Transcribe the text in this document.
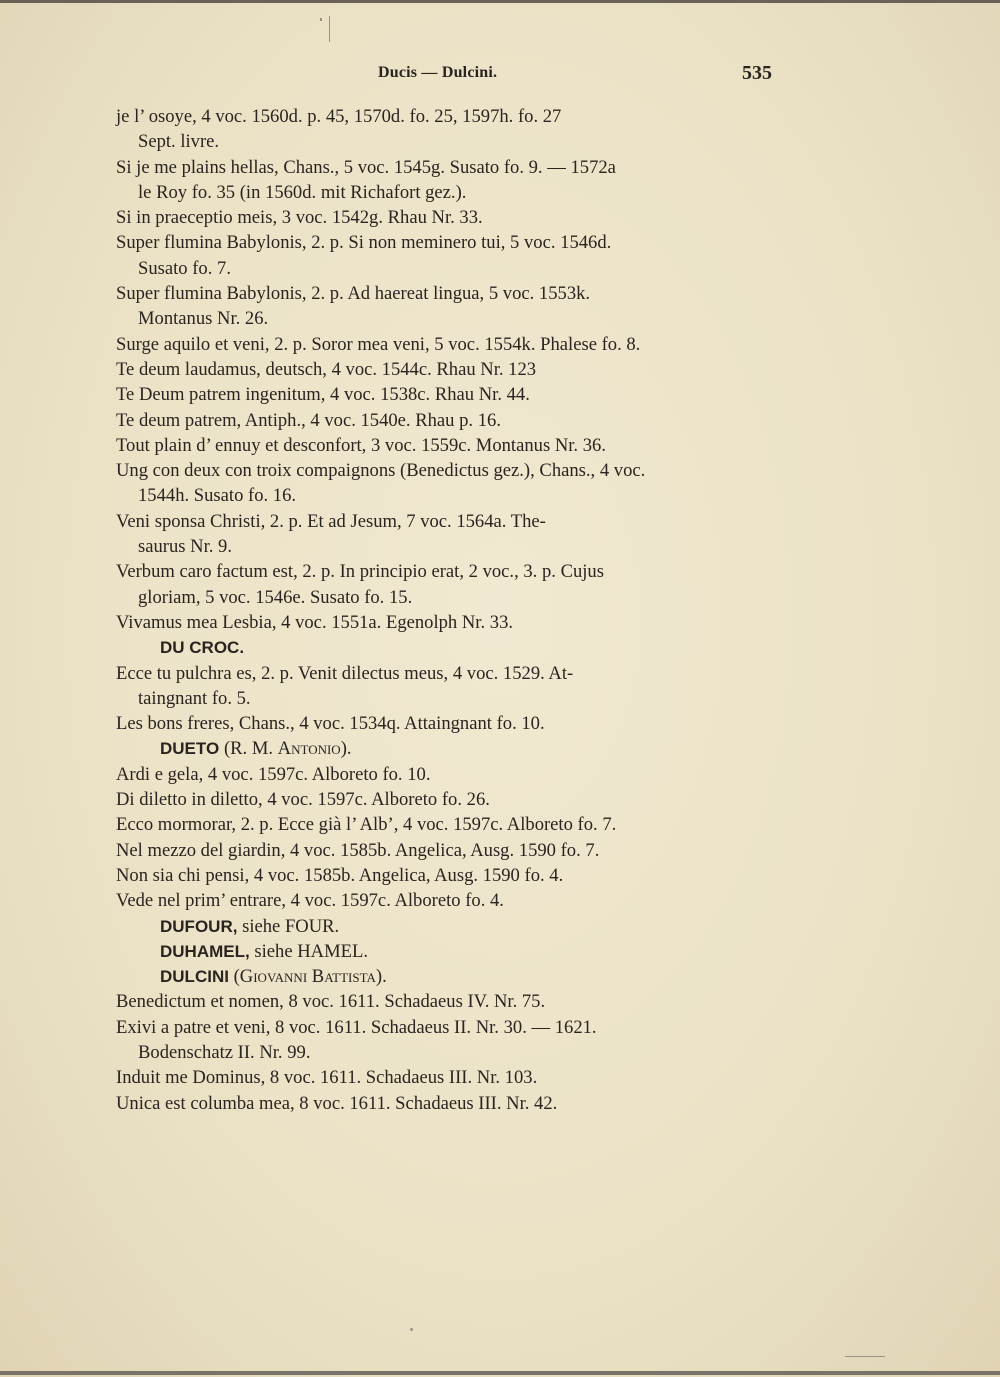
Ducis — Dulcini.	535
je l’ osoye, 4 voc. 1560d. p. 45, 1570d. fo. 25, 1597h. fo. 27
Sept. livre.
Si je me plains hellas, Chans., 5 voc. 1545g. Susato fo. 9. — 1572a
le Roy fo. 35 (in 1560d. mit Richafort gez.).
Si in praeceptio meis, 3 voc. 1542g. Rhau Nr. 33.
Super flumina Babylonis, 2. p. Si non meminero tui, 5 voc. 1546d.
Susato fo. 7.
Super flumina Babylonis, 2. p. Ad haereat lingua, 5 voc. 1553k.
Montanus Nr. 26.
Surge aquilo et veni, 2. p. Soror mea veni, 5 voc. 1554k. Phalese fo. 8.
Te deum laudamus, deutsch, 4 voc. 1544c. Rhau Nr. 123
Te Deum patrem ingenitum, 4 voc. 1538c. Rhau Nr. 44.
Te deum patrem, Antiph., 4 voc. 1540e. Rhau p. 16.
Tout plain d’ ennuy et desconfort, 3 voc. 1559c. Montanus Nr. 36.
Ung con deux con troix compaignons (Benedictus gez.), Chans., 4 voc.
1544h. Susato fo. 16.
Veni sponsa Christi, 2. p. Et ad Jesum, 7 voc. 1564a. The-
saurus Nr. 9.
Verbum caro factum est, 2. p. In principio erat, 2 voc., 3. p. Cujus
gloriam, 5 voc. 1546e. Susato fo. 15.
Vivamus mea Lesbia, 4 voc. 1551a. Egenolph Nr. 33.
DU CROC.
Ecce tu pulchra es, 2. p. Venit dilectus meus, 4 voc. 1529. At-
taingnant fo. 5.
Les bons freres, Chans., 4 voc. 1534q. Attaingnant fo. 10.
DUETO (R. M. Antonio).
Ardi e gela, 4 voc. 1597c. Alboreto fo. 10.
Di diletto in diletto, 4 voc. 1597c. Alboreto fo. 26.
Ecco mormorar, 2. p. Ecce già l’ Alb’, 4 voc. 1597c. Alboreto fo. 7.
Nel mezzo del giardin, 4 voc. 1585b. Angelica, Ausg. 1590 fo. 7.
Non sia chi pensi, 4 voc. 1585b. Angelica, Ausg. 1590 fo. 4.
Vede nel prim’ entrare, 4 voc. 1597c. Alboreto fo. 4.
DUFOUR, siehe FOUR.
DUHAMEL, siehe HAMEL.
DULCINI (Giovanni Battista).
Benedictum et nomen, 8 voc. 1611. Schadaeus IV. Nr. 75.
Exivi a patre et veni, 8 voc. 1611. Schadaeus II. Nr. 30. — 1621.
Bodenschatz II. Nr. 99.
Induit me Dominus, 8 voc. 1611. Schadaeus III. Nr. 103.
Unica est columba mea, 8 voc. 1611. Schadaeus III. Nr. 42.
